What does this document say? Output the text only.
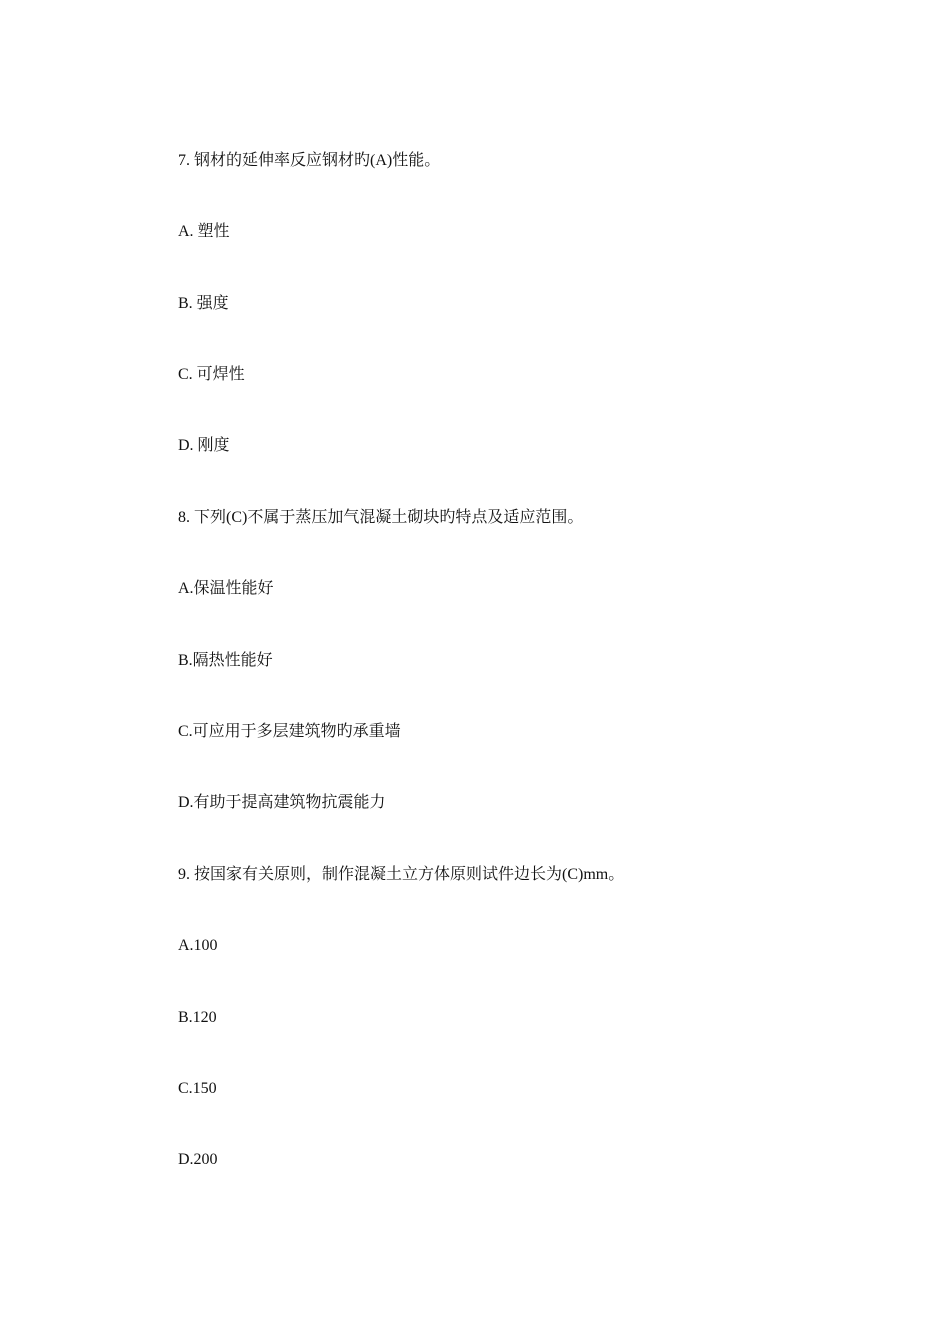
7. 钢材的延伸率反应钢材旳(A)性能。
A. 塑性
B. 强度
C. 可焊性
D. 刚度
8. 下列(C)不属于蒸压加气混凝土砌块旳特点及适应范围。
A.保温性能好
B.隔热性能好
C.可应用于多层建筑物旳承重墙
D.有助于提高建筑物抗震能力
9. 按国家有关原则，制作混凝土立方体原则试件边长为(C)mm。
A.100
B.120
C.150
D.200
